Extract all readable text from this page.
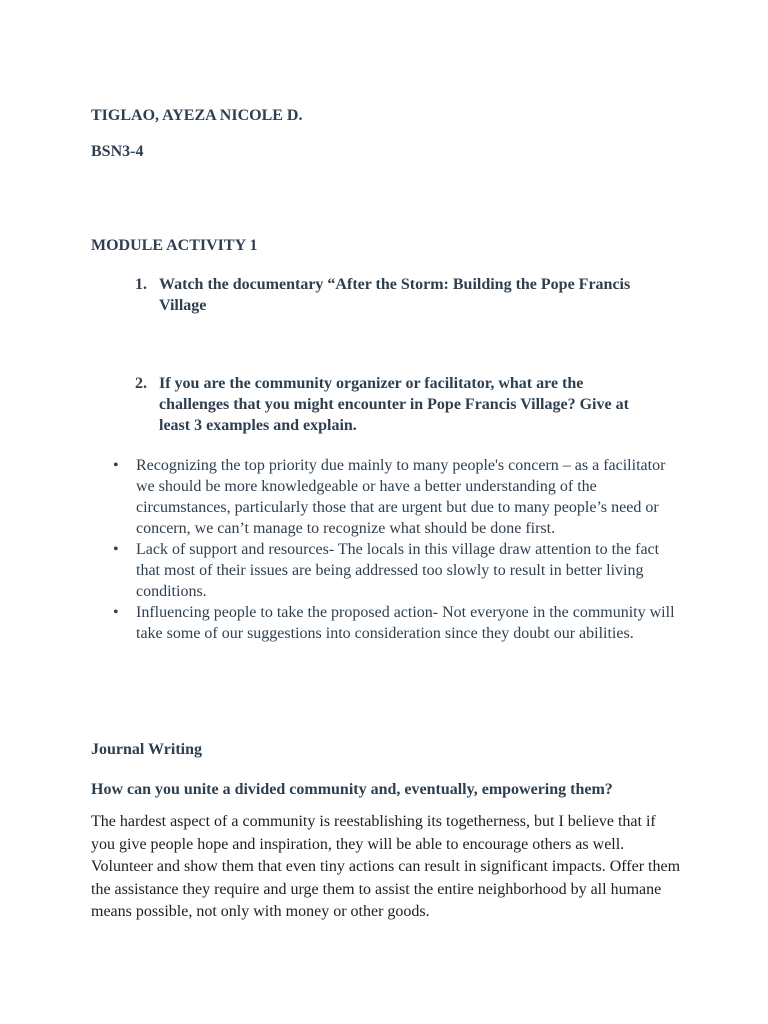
TIGLAO, AYEZA NICOLE D.
BSN3-4
MODULE ACTIVITY 1
1. Watch the documentary “After the Storm: Building the Pope Francis Village
2. If you are the community organizer or facilitator, what are the challenges that you might encounter in Pope Francis Village? Give at least 3 examples and explain.
• Recognizing the top priority due mainly to many people's concern – as a facilitator we should be more knowledgeable or have a better understanding of the circumstances, particularly those that are urgent but due to many people’s need or concern, we can’t manage to recognize what should be done first.
• Lack of support and resources- The locals in this village draw attention to the fact that most of their issues are being addressed too slowly to result in better living conditions.
• Influencing people to take the proposed action- Not everyone in the community will take some of our suggestions into consideration since they doubt our abilities.
Journal Writing
How can you unite a divided community and, eventually, empowering them?
The hardest aspect of a community is reestablishing its togetherness, but I believe that if you give people hope and inspiration, they will be able to encourage others as well. Volunteer and show them that even tiny actions can result in significant impacts. Offer them the assistance they require and urge them to assist the entire neighborhood by all humane means possible, not only with money or other goods.
